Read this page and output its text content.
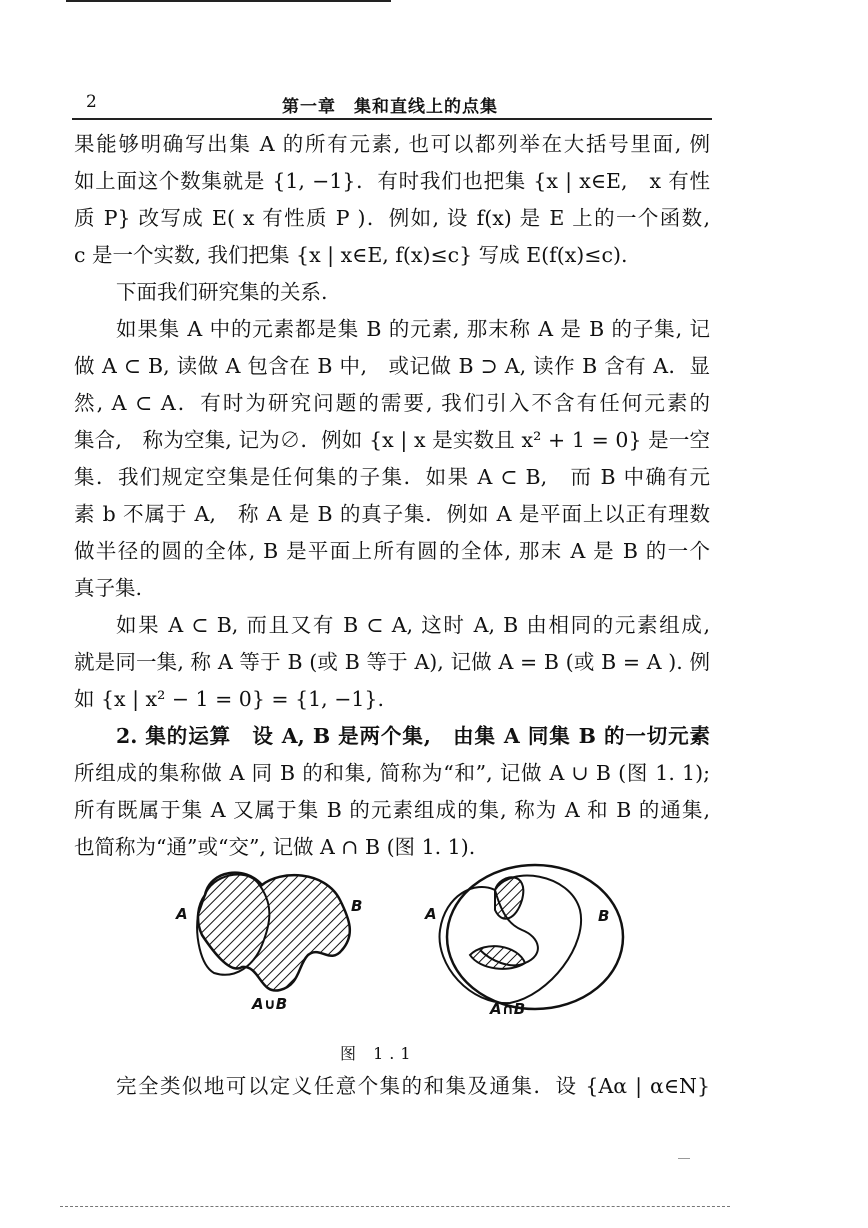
2	第一章　集和直线上的点集
果能够明确写出集 A 的所有元素, 也可以都列举在大括号里面, 例
如上面这个数集就是 {1, −1}．有时我们也把集 {x | x∈E,　x 有性
质 P} 改写成 E( x 有性质 P )．例如, 设 f(x) 是 E 上的一个函数,
c 是一个实数, 我们把集 {x | x∈E, f(x)≤c} 写成 E(f(x)≤c).
下面我们研究集的关系.
如果集 A 中的元素都是集 B 的元素, 那末称 A 是 B 的子集, 记
做 A ⊂ B, 读做 A 包含在 B 中,　或记做 B ⊃ A, 读作 B 含有 A．显
然, A ⊂ A．有时为研究问题的需要, 我们引入不含有任何元素的
集合,　称为空集, 记为∅．例如 {x | x 是实数且 x² + 1 = 0} 是一空
集．我们规定空集是任何集的子集．如果 A ⊂ B,　而 B 中确有元
素 b 不属于 A,　称 A 是 B 的真子集．例如 A 是平面上以正有理数
做半径的圆的全体, B 是平面上所有圆的全体, 那末 A 是 B 的一个
真子集.
如果 A ⊂ B, 而且又有 B ⊂ A, 这时 A, B 由相同的元素组成,
就是同一集, 称 A 等于 B (或 B 等于 A), 记做 A = B (或 B = A ). 例
如 {x | x² − 1 = 0} = {1, −1}.
2. 集的运算　设 A, B 是两个集,　由集 A 同集 B 的一切元素
所组成的集称做 A 同 B 的和集, 简称为“和”, 记做 A ∪ B (图 1. 1);
所有既属于集 A 又属于集 B 的元素组成的集, 称为 A 和 B 的通集,
也简称为“通”或“交”, 记做 A ∩ B (图 1. 1).
A	B
A∪B
A	B
A∩B
图 1.1
完全类似地可以定义任意个集的和集及通集．设 {Aα | α∈N}
